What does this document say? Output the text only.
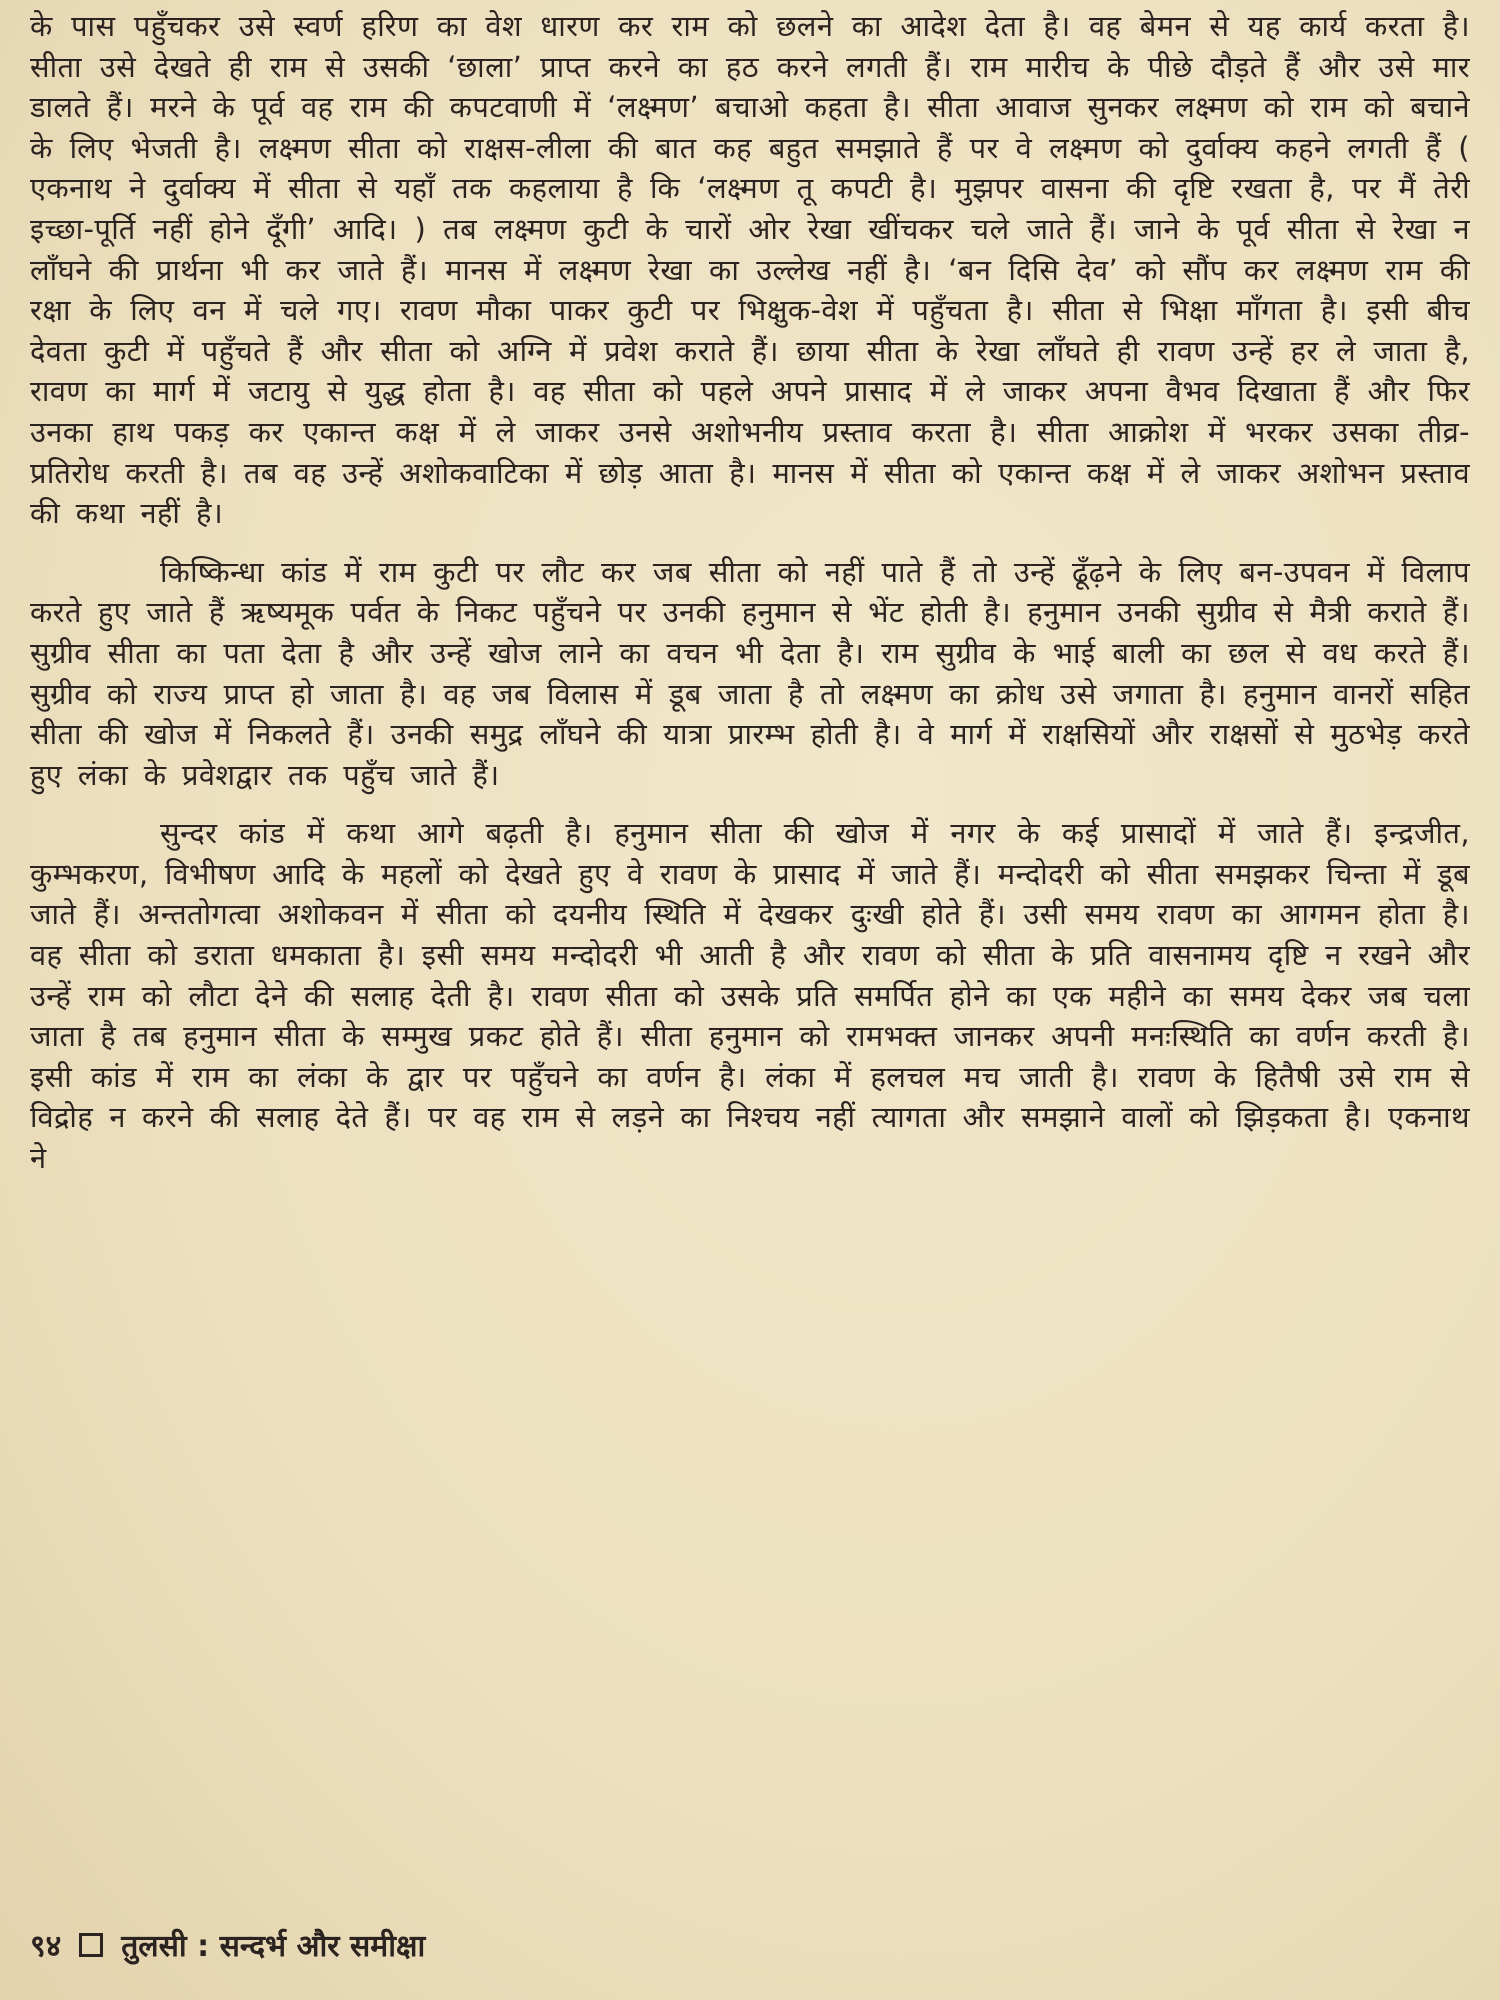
के पास पहुँचकर उसे स्वर्ण हरिण का वेश धारण कर राम को छलने का आदेश देता है। वह बेमन से यह कार्य करता है। सीता उसे देखते ही राम से उसकी ‘छाला’ प्राप्त करने का हठ करने लगती हैं। राम मारीच के पीछे दौड़ते हैं और उसे मार डालते हैं। मरने के पूर्व वह राम की कपटवाणी में ‘लक्ष्मण’ बचाओ कहता है। सीता आवाज सुनकर लक्ष्मण को राम को बचाने के लिए भेजती है। लक्ष्मण सीता को राक्षस-लीला की बात कह बहुत समझाते हैं पर वे लक्ष्मण को दुर्वाक्य कहने लगती हैं ( एकनाथ ने दुर्वाक्य में सीता से यहाँ तक कहलाया है कि ‘लक्ष्मण तू कपटी है। मुझपर वासना की दृष्टि रखता है, पर मैं तेरी इच्छा-पूर्ति नहीं होने दूँगी’ आदि। ) तब लक्ष्मण कुटी के चारों ओर रेखा खींचकर चले जाते हैं। जाने के पूर्व सीता से रेखा न लाँघने की प्रार्थना भी कर जाते हैं। मानस में लक्ष्मण रेखा का उल्लेख नहीं है। ‘बन दिसि देव’ को सौंप कर लक्ष्मण राम की रक्षा के लिए वन में चले गए। रावण मौका पाकर कुटी पर भिक्षुक-वेश में पहुँचता है। सीता से भिक्षा माँगता है। इसी बीच देवता कुटी में पहुँचते हैं और सीता को अग्नि में प्रवेश कराते हैं। छाया सीता के रेखा लाँघते ही रावण उन्हें हर ले जाता है, रावण का मार्ग में जटायु से युद्ध होता है। वह सीता को पहले अपने प्रासाद में ले जाकर अपना वैभव दिखाता हैं और फिर उनका हाथ पकड़ कर एकान्त कक्ष में ले जाकर उनसे अशोभनीय प्रस्ताव करता है। सीता आक्रोश में भरकर उसका तीव्र-प्रतिरोध करती है। तब वह उन्हें अशोकवाटिका में छोड़ आता है। मानस में सीता को एकान्त कक्ष में ले जाकर अशोभन प्रस्ताव की कथा नहीं है।

किष्किन्धा कांड में राम कुटी पर लौट कर जब सीता को नहीं पाते हैं तो उन्हें ढूँढ़ने के लिए बन-उपवन में विलाप करते हुए जाते हैं ऋष्यमूक पर्वत के निकट पहुँचने पर उनकी हनुमान से भेंट होती है। हनुमान उनकी सुग्रीव से मैत्री कराते हैं। सुग्रीव सीता का पता देता है और उन्हें खोज लाने का वचन भी देता है। राम सुग्रीव के भाई बाली का छल से वध करते हैं। सुग्रीव को राज्य प्राप्त हो जाता है। वह जब विलास में डूब जाता है तो लक्ष्मण का क्रोध उसे जगाता है। हनुमान वानरों सहित सीता की खोज में निकलते हैं। उनकी समुद्र लाँघने की यात्रा प्रारम्भ होती है। वे मार्ग में राक्षसियों और राक्षसों से मुठभेड़ करते हुए लंका के प्रवेशद्वार तक पहुँच जाते हैं।

सुन्दर कांड में कथा आगे बढ़ती है। हनुमान सीता की खोज में नगर के कई प्रासादों में जाते हैं। इन्द्रजीत, कुम्भकरण, विभीषण आदि के महलों को देखते हुए वे रावण के प्रासाद में जाते हैं। मन्दोदरी को सीता समझकर चिन्ता में डूब जाते हैं। अन्ततोगत्वा अशोकवन में सीता को दयनीय स्थिति में देखकर दुःखी होते हैं। उसी समय रावण का आगमन होता है। वह सीता को डराता धमकाता है। इसी समय मन्दोदरी भी आती है और रावण को सीता के प्रति वासनामय दृष्टि न रखने और उन्हें राम को लौटा देने की सलाह देती है। रावण सीता को उसके प्रति समर्पित होने का एक महीने का समय देकर जब चला जाता है तब हनुमान सीता के सम्मुख प्रकट होते हैं। सीता हनुमान को रामभक्त जानकर अपनी मनःस्थिति का वर्णन करती है। इसी कांड में राम का लंका के द्वार पर पहुँचने का वर्णन है। लंका में हलचल मच जाती है। रावण के हितैषी उसे राम से विद्रोह न करने की सलाह देते हैं। पर वह राम से लड़ने का निश्चय नहीं त्यागता और समझाने वालों को झिड़कता है। एकनाथ ने

९४ तुलसी : सन्दर्भ और समीक्षा
